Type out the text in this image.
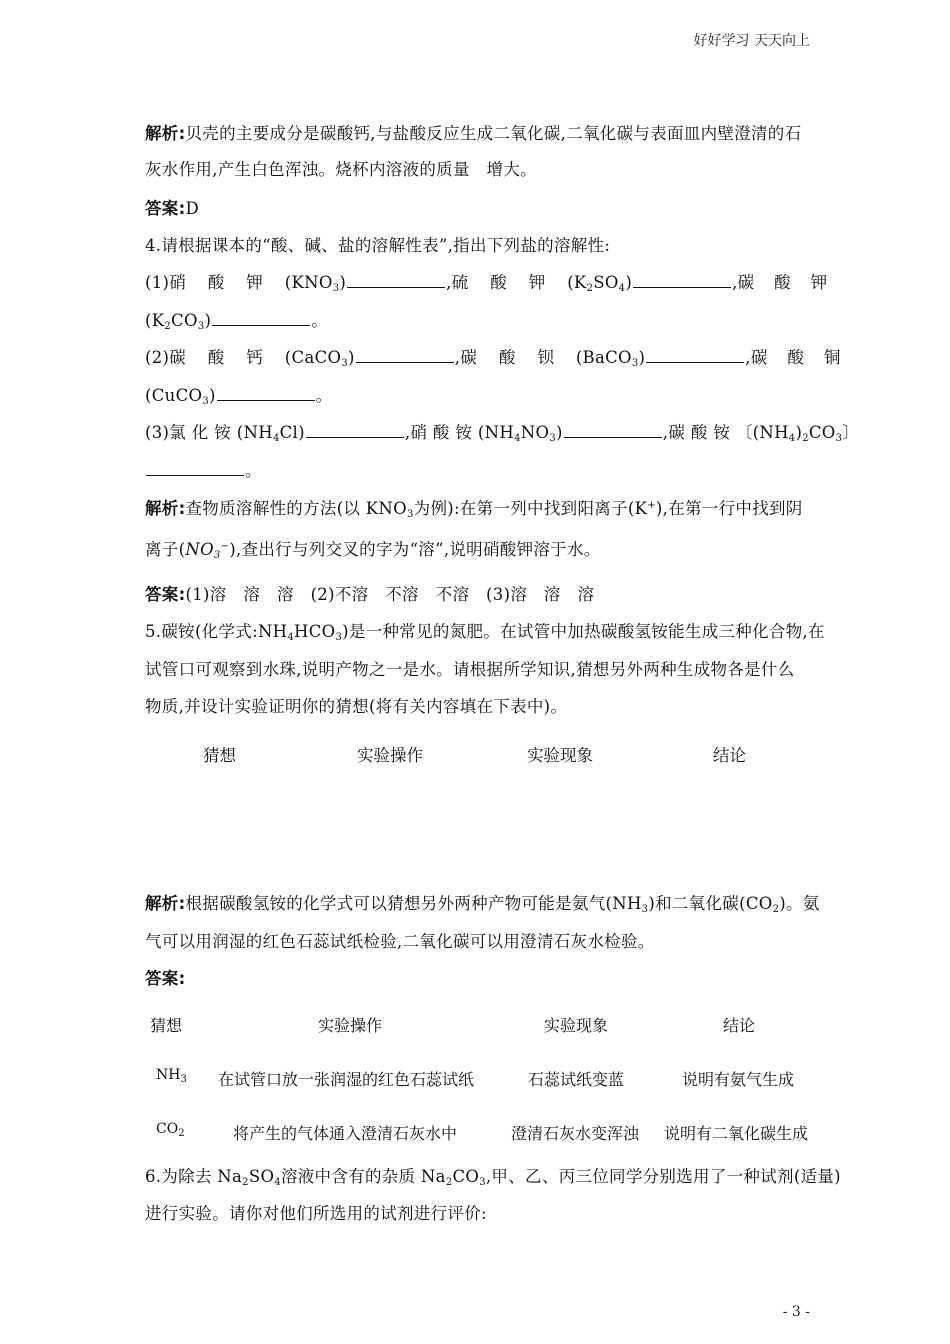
好好学习 天天向上
解析:贝壳的主要成分是碳酸钙,与盐酸反应生成二氧化碳,二氧化碳与表面皿内壁澄清的石
灰水作用,产生白色浑浊。烧杯内溶液的质量　增大。
答案:D
4.请根据课本的“酸、碱、盐的溶解性表”,指出下列盐的溶解性:
(1)硝酸钾$(KNO_3)$	,硫酸钾$(K_2SO_4)$	,碳酸钾
$(K_2CO_3)$	。
(2)碳酸钙(CaCO$_3$)	,碳酸钡(BaCO$_3$)	,碳酸铜
(CuCO$_3$)	。
(3)氯化铵$(NH_4Cl)$	,硝酸铵$(NH_4NO_3)$	,碳酸铵〔$(NH_4)_2CO_3$〕
。
解析:查物质溶解性的方法(以 $KNO_3$为例):在第一列中找到阳离子(K+),在第一行中找到阴
离子$(NO_3^-)$,查出行与列交叉的字为“溶”,说明硝酸钾溶于水。
答案:(1)溶　溶　溶　(2)不溶　不溶　不溶　(3)溶　溶　溶
5.碳铵(化学式$:NH_4HCO_3$)是一种常见的氮肥。在试管中加热碳酸氢铵能生成三种化合物,在
试管口可观察到水珠,说明产物之一是水。请根据所学知识,猜想另外两种生成物各是什么
物质,并设计实验证明你的猜想(将有关内容填在下表中)。
猜想	实验操作	实验现象	结论
解析:根据碳酸氢铵的化学式可以猜想另外两种产物可能是氨气$(NH_3)$和二氧化碳$(CO_2)$。氨
气可以用润湿的红色石蕊试纸检验,二氧化碳可以用澄清石灰水检验。
答案:
猜想	实验操作	实验现象	结论
$NH_3$ 在试管口放一张润湿的红色石蕊试纸	石蕊试纸变蓝	说明有氨气生成
$CO_2$	将产生的气体通入澄清石灰水中	澄清石灰水变浑浊 说明有二氧化碳生成
6.为除去 $Na_2SO_4$溶液中含有的杂质 $Na_2CO_3$,甲、乙、丙三位同学分别选用了一种试剂(适量)
进行实验。请你对他们所选用的试剂进行评价:
- 3 -
